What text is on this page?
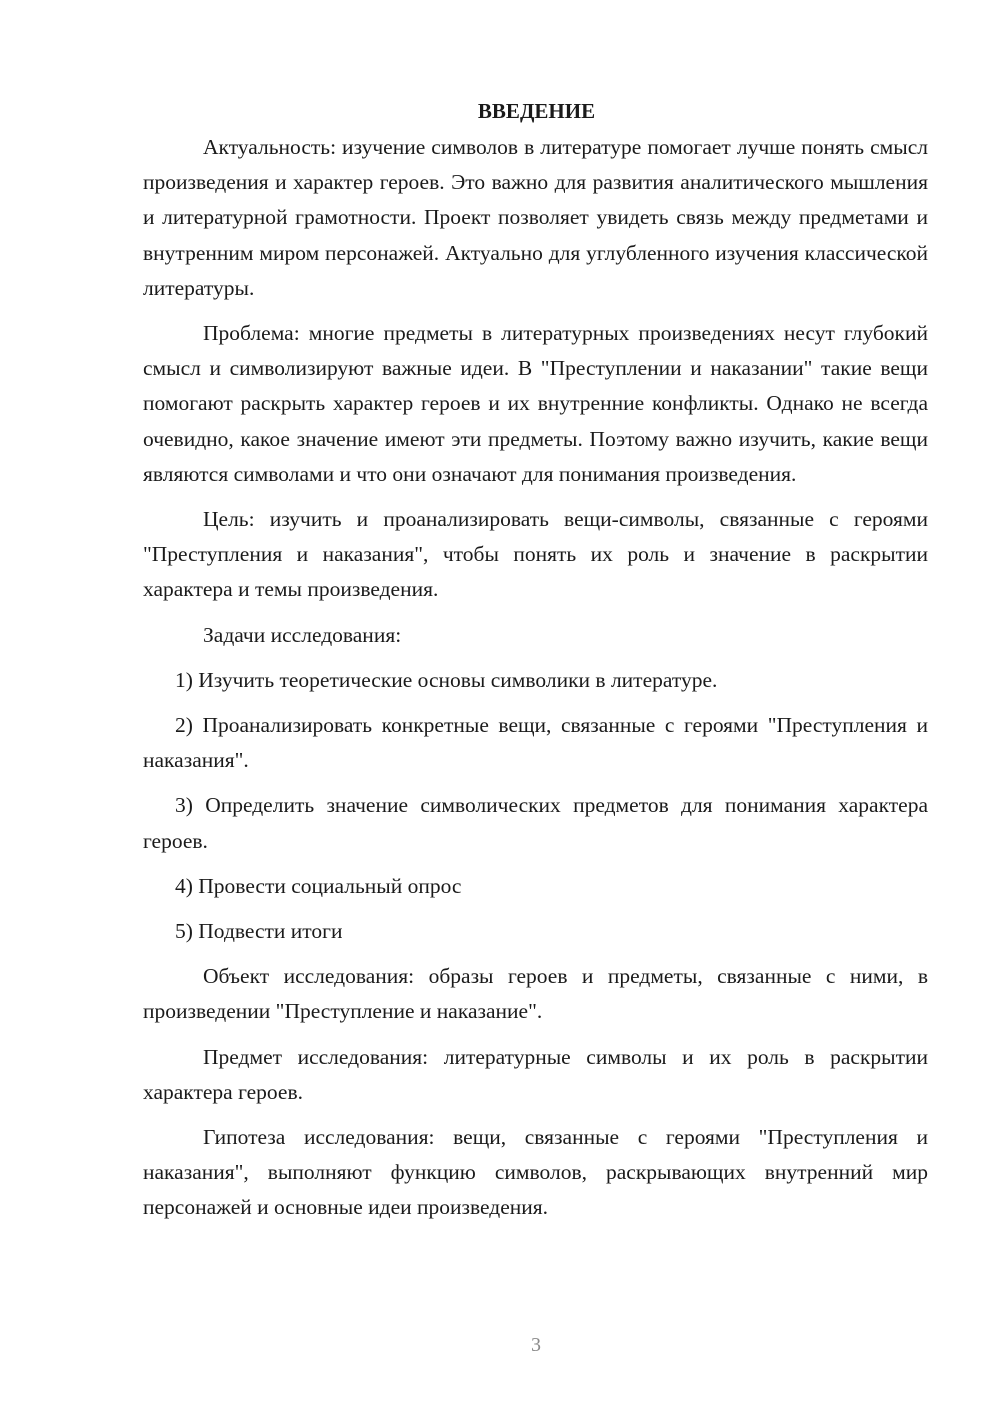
ВВЕДЕНИЕ

Актуальность: изучение символов в литературе помогает лучше понять смысл произведения и характер героев. Это важно для развития аналитического мышления и литературной грамотности. Проект позволяет увидеть связь между предметами и внутренним миром персонажей. Актуально для углубленного изучения классической литературы.

Проблема: многие предметы в литературных произведениях несут глубокий смысл и символизируют важные идеи. В "Преступлении и наказании" такие вещи помогают раскрыть характер героев и их внутренние конфликты. Однако не всегда очевидно, какое значение имеют эти предметы. Поэтому важно изучить, какие вещи являются символами и что они означают для понимания произведения.

Цель: изучить и проанализировать вещи-символы, связанные с героями "Преступления и наказания", чтобы понять их роль и значение в раскрытии характера и темы произведения.

Задачи исследования:

1) Изучить теоретические основы символики в литературе.

2) Проанализировать конкретные вещи, связанные с героями "Преступления и наказания".

3) Определить значение символических предметов для понимания характера героев.

4) Провести социальный опрос

5) Подвести итоги

Объект исследования: образы героев и предметы, связанные с ними, в произведении "Преступление и наказание".

Предмет исследования: литературные символы и их роль в раскрытии характера героев.

Гипотеза исследования: вещи, связанные с героями "Преступления и наказания", выполняют функцию символов, раскрывающих внутренний мир персонажей и основные идеи произведения.

3
